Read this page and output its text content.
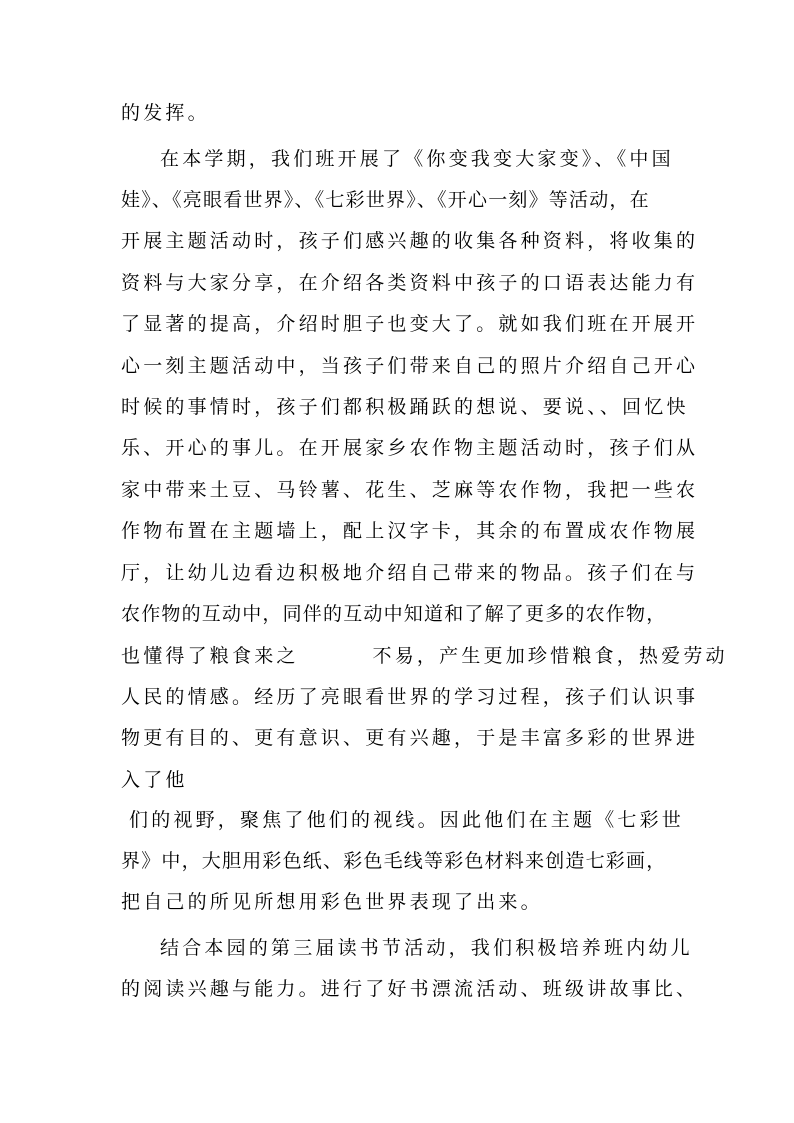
的发挥。

在本学期，我们班开展了《你变我变大家变》、《中国

娃》、《亮眼看世界》、《七彩世界》、《开心一刻》等活动，在

开展主题活动时，孩子们感兴趣的收集各种资料，将收集的

资料与大家分享，在介绍各类资料中孩子的口语表达能力有

了显著的提高，介绍时胆子也变大了。就如我们班在开展开

心一刻主题活动中，当孩子们带来自己的照片介绍自己开心

时候的事情时，孩子们都积极踊跃的想说、要说、、回忆快

乐、开心的事儿。在开展家乡农作物主题活动时，孩子们从

家中带来土豆、马铃薯、花生、芝麻等农作物，我把一些农

作物布置在主题墙上，配上汉字卡，其余的布置成农作物展

厅，让幼儿边看边积极地介绍自己带来的物品。孩子们在与

农作物的互动中，同伴的互动中知道和了解了更多的农作物，

也懂得了粮食来之        不易，产生更加珍惜粮食，热爱劳动

人民的情感。经历了亮眼看世界的学习过程，孩子们认识事

物更有目的、更有意识、更有兴趣，于是丰富多彩的世界进

入了他

们的视野，聚焦了他们的视线。因此他们在主题《七彩世

界》中，大胆用彩色纸、彩色毛线等彩色材料来创造七彩画，

把自己的所见所想用彩色世界表现了出来。

结合本园的第三届读书节活动，我们积极培养班内幼儿

的阅读兴趣与能力。进行了好书漂流活动、班级讲故事比、
